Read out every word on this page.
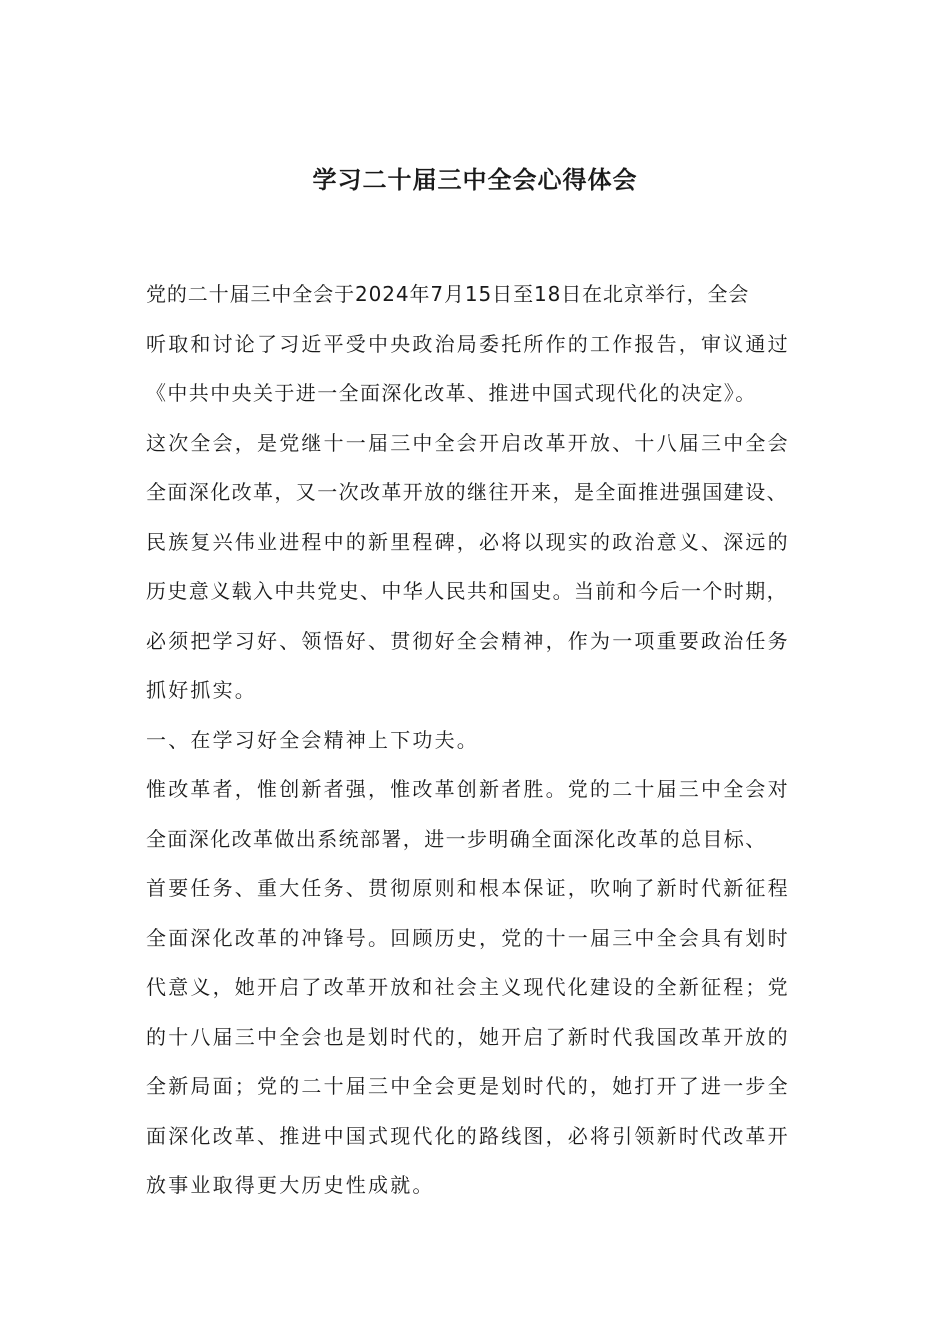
学习二十届三中全会心得体会
党的二十届三中全会于2024年7月15日至18日在北京举行，全会
听取和讨论了习近平受中央政治局委托所作的工作报告，审议通过
《中共中央关于进一全面深化改革、推进中国式现代化的决定》。
这次全会，是党继十一届三中全会开启改革开放、十八届三中全会
全面深化改革，又一次改革开放的继往开来，是全面推进强国建设、
民族复兴伟业进程中的新里程碑，必将以现实的政治意义、深远的
历史意义载入中共党史、中华人民共和国史。当前和今后一个时期，
必须把学习好、领悟好、贯彻好全会精神，作为一项重要政治任务
抓好抓实。
一、在学习好全会精神上下功夫。
惟改革者，惟创新者强，惟改革创新者胜。党的二十届三中全会对
全面深化改革做出系统部署，进一步明确全面深化改革的总目标、
首要任务、重大任务、贯彻原则和根本保证，吹响了新时代新征程
全面深化改革的冲锋号。回顾历史，党的十一届三中全会具有划时
代意义，她开启了改革开放和社会主义现代化建设的全新征程；党
的十八届三中全会也是划时代的，她开启了新时代我国改革开放的
全新局面；党的二十届三中全会更是划时代的，她打开了进一步全
面深化改革、推进中国式现代化的路线图，必将引领新时代改革开
放事业取得更大历史性成就。
